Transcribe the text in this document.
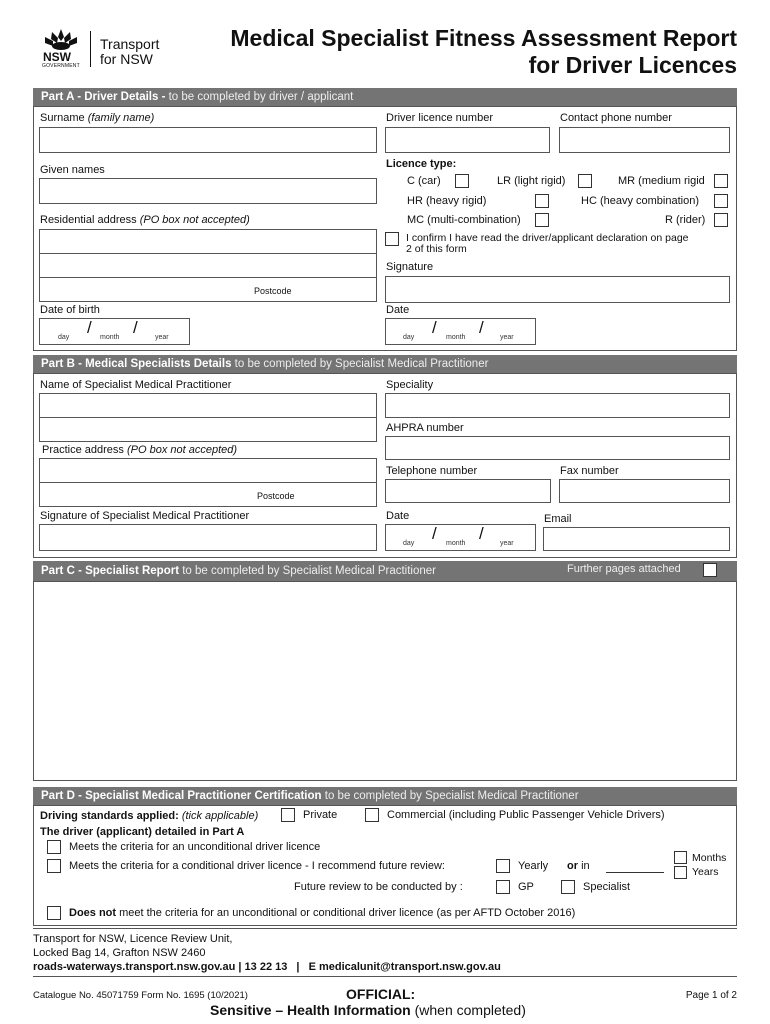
NSW
GOVERNMENT
Transport
for NSW
Medical Specialist Fitness Assessment Report
for Driver Licences
Part A - Driver Details - to be completed by driver / applicant
Surname (family name)	Driver licence number	Contact phone number
Given names	Licence type:
C (car)	LR (light rigid)	MR (medium rigid
HR (heavy rigid)	HC (heavy combination)
Residential address (PO box not accepted)	MC (multi-combination)	R (rider)
Postcode
I confirm I have read the driver/applicant declaration on page
2 of this form
Signature
Date of birth
day
/
month
/
year
Date
day
/
month
/
year
Part B - Medical Specialists Details to be completed by Specialist Medical Practitioner
Name of Specialist Medical Practitioner	Speciality
AHPRA number
Practice address (PO box not accepted)
Postcode
Telephone number	Fax number
Signature of Specialist Medical Practitioner	Date
day
/
month
/
year
Email
Part C - Specialist Report to be completed by Specialist Medical Practitioner	Further pages attached
Part D - Specialist Medical Practitioner Certification to be completed by Specialist Medical Practitioner
Driving standards applied: (tick applicable)	Private	Commercial (including Public Passenger Vehicle Drivers)
The driver (applicant) detailed in Part A
Meets the criteria for an unconditional driver licence
Meets the criteria for a conditional driver licence - I recommend future review:	Yearly or in
Months
Years
Future review to be conducted by :	GP	Specialist
Does not meet the criteria for an unconditional or conditional driver licence (as per AFTD October 2016)
Transport for NSW, Licence Review Unit,
Locked Bag 14, Grafton NSW 2460
roads-waterways.transport.nsw.gov.au | 13 22 13 | E medicalunit@transport.nsw.gov.au
Catalogue No. 45071759 Form No. 1695 (10/2021)	OFFICIAL:
Sensitive – Health Information (when completed)
Page 1 of 2
